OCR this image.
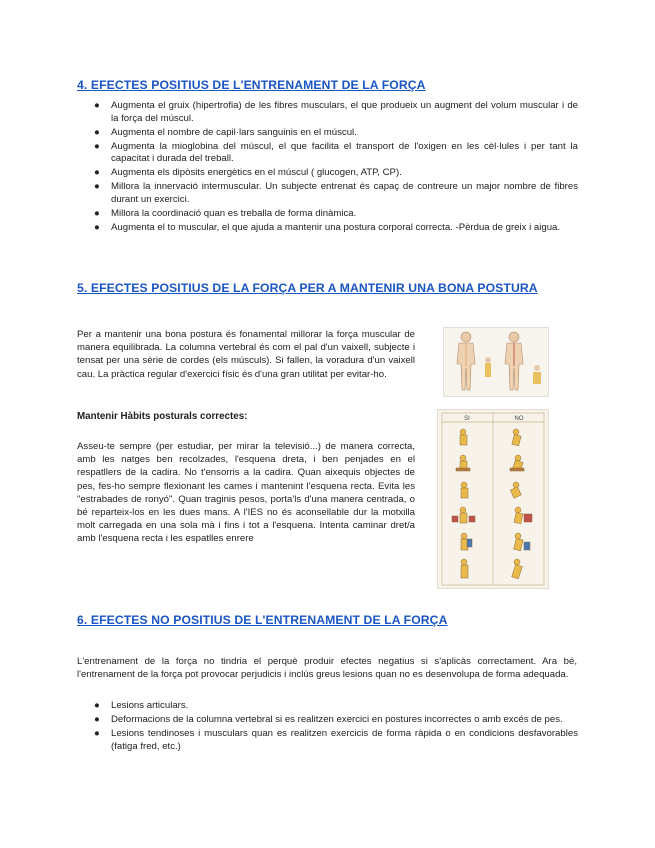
4. EFECTES POSITIUS DE L'ENTRENAMENT DE LA FORÇA
● Augmenta el gruix (hipertrofia) de les fibres musculars, el que produeix un augment del volum muscular i de la força del múscul.
● Augmenta el nombre de capil·lars sanguinis en el múscul.
● Augmenta la mioglobina del múscul, el que facilita el transport de l'oxigen en les cèl·lules i per tant la capacitat i durada del treball.
● Augmenta els dipòsits energètics en el múscul ( glucogen, ATP, CP).
● Millora la innervació intermuscular. Un subjecte entrenat és capaç de contreure un major nombre de fibres durant un exercici.
● Millora la coordinació quan es treballa de forma dinàmica.
● Augmenta el to muscular, el que ajuda a mantenir una postura corporal correcta. -Pèrdua de greix i aigua.
5. EFECTES POSITIUS DE LA FORÇA PER A MANTENIR UNA BONA POSTURA

Per a mantenir una bona postura és fonamental millorar la força muscular de manera equilibrada. La columna vertebral és com el pal d'un vaixell, subjecte i tensat per una sèrie de cordes (els músculs). Si fallen, la voradura d'un vaixell cau. La pràctica regular d'exercici físic és d'una gran utilitat per evitar-ho.

Mantenir Hàbits posturals correctes:

Asseu-te sempre (per estudiar, per mirar la televisió...) de manera correcta, amb les natges ben recolzades, l'esquena dreta, i ben penjades en el respatllers de la cadira. No t'ensorris a la cadira. Quan aixequis objectes de pes, fes-ho sempre flexionant les cames i mantenint l'esquena recta. Evita les "estrabades de ronyó". Quan traginis pesos, porta'ls d'una manera centrada, o bé reparteix-los en les dues mans. A l'IES no és aconsellable dur la motxilla molt carregada en una sola mà i fins i tot a l'esquena. Intenta caminar dret/a amb l'esquena recta i les espatlles enrere

SI	NO
6. EFECTES NO POSITIUS DE L'ENTRENAMENT DE LA FORÇA

L'entrenament de la força no tindria el perquè produir efectes negatius si s'aplicàs correctament. Ara bé, l'entrenament de la força pot provocar perjudicis i inclús greus lesions quan no es desenvolupa de forma adequada.

● Lesions articulars.
● Deformacions de la columna vertebral si es realitzen exercici en postures incorrectes o amb excés de pes.
● Lesions tendinoses i musculars quan es realitzen exercicis de forma ràpida o en condicions desfavorables (fatiga fred, etc.)
